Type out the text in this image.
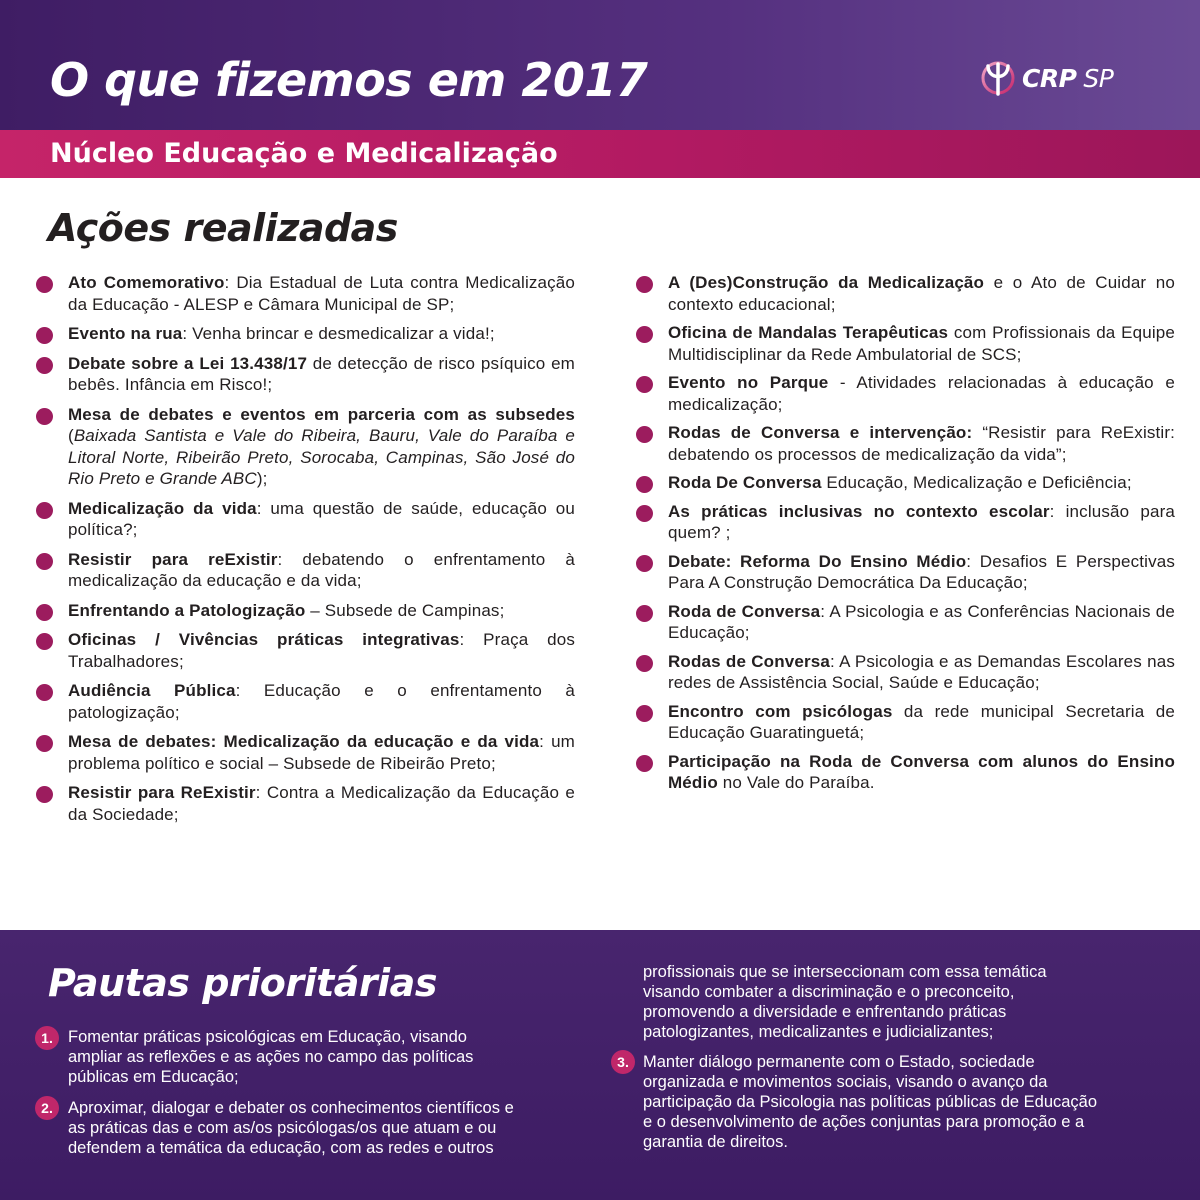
O que fizemos em 2017	CRP SP
Núcleo Educação e Medicalização
Ações realizadas
Ato Comemorativo: Dia Estadual de Luta contra Medicalização da Educação - ALESP e Câmara Municipal de SP;
Evento na rua: Venha brincar e desmedicalizar a vida!;
Debate sobre a Lei 13.438/17 de detecção de risco psíquico em bebês. Infância em Risco!;
Mesa de debates e eventos em parceria com as subsedes (Baixada Santista e Vale do Ribeira, Bauru, Vale do Paraíba e Litoral Norte, Ribeirão Preto, Sorocaba, Campinas, São José do Rio Preto e Grande ABC);
Medicalização da vida: uma questão de saúde, educação ou política?;
Resistir para reExistir: debatendo o enfrentamento à medicalização da educação e da vida;
Enfrentando a Patologização – Subsede de Campinas;
Oficinas / Vivências práticas integrativas: Praça dos Trabalhadores;
Audiência Pública: Educação e o enfrentamento à patologização;
Mesa de debates: Medicalização da educação e da vida: um problema político e social – Subsede de Ribeirão Preto;
Resistir para ReExistir: Contra a Medicalização da Educação e da Sociedade;
A (Des)Construção da Medicalização e o Ato de Cuidar no contexto educacional;
Oficina de Mandalas Terapêuticas com Profissionais da Equipe Multidisciplinar da Rede Ambulatorial de SCS;
Evento no Parque - Atividades relacionadas à educação e medicalização;
Rodas de Conversa e intervenção: “Resistir para ReExistir: debatendo os processos de medicalização da vida”;
Roda De Conversa Educação, Medicalização e Deficiência;
As práticas inclusivas no contexto escolar: inclusão para quem? ;
Debate: Reforma Do Ensino Médio: Desafios E Perspectivas Para A Construção Democrática Da Educação;
Roda de Conversa: A Psicologia e as Conferências Nacionais de Educação;
Rodas de Conversa: A Psicologia e as Demandas Escolares nas redes de Assistência Social, Saúde e Educação;
Encontro com psicólogas da rede municipal Secretaria de Educação Guaratinguetá;
Participação na Roda de Conversa com alunos do Ensino Médio no Vale do Paraíba.
Pautas prioritárias
1. Fomentar práticas psicológicas em Educação, visando
ampliar as reflexões e as ações no campo das políticas
públicas em Educação;
2. Aproximar, dialogar e debater os conhecimentos científicos e
as práticas das e com as/os psicólogas/os que atuam e ou
defendem a temática da educação, com as redes e outros
profissionais que se interseccionam com essa temática
visando combater a discriminação e o preconceito,
promovendo a diversidade e enfrentando práticas
patologizantes, medicalizantes e judicializantes;
3. Manter diálogo permanente com o Estado, sociedade
organizada e movimentos sociais, visando o avanço da
participação da Psicologia nas políticas públicas de Educação
e o desenvolvimento de ações conjuntas para promoção e a
garantia de direitos.
